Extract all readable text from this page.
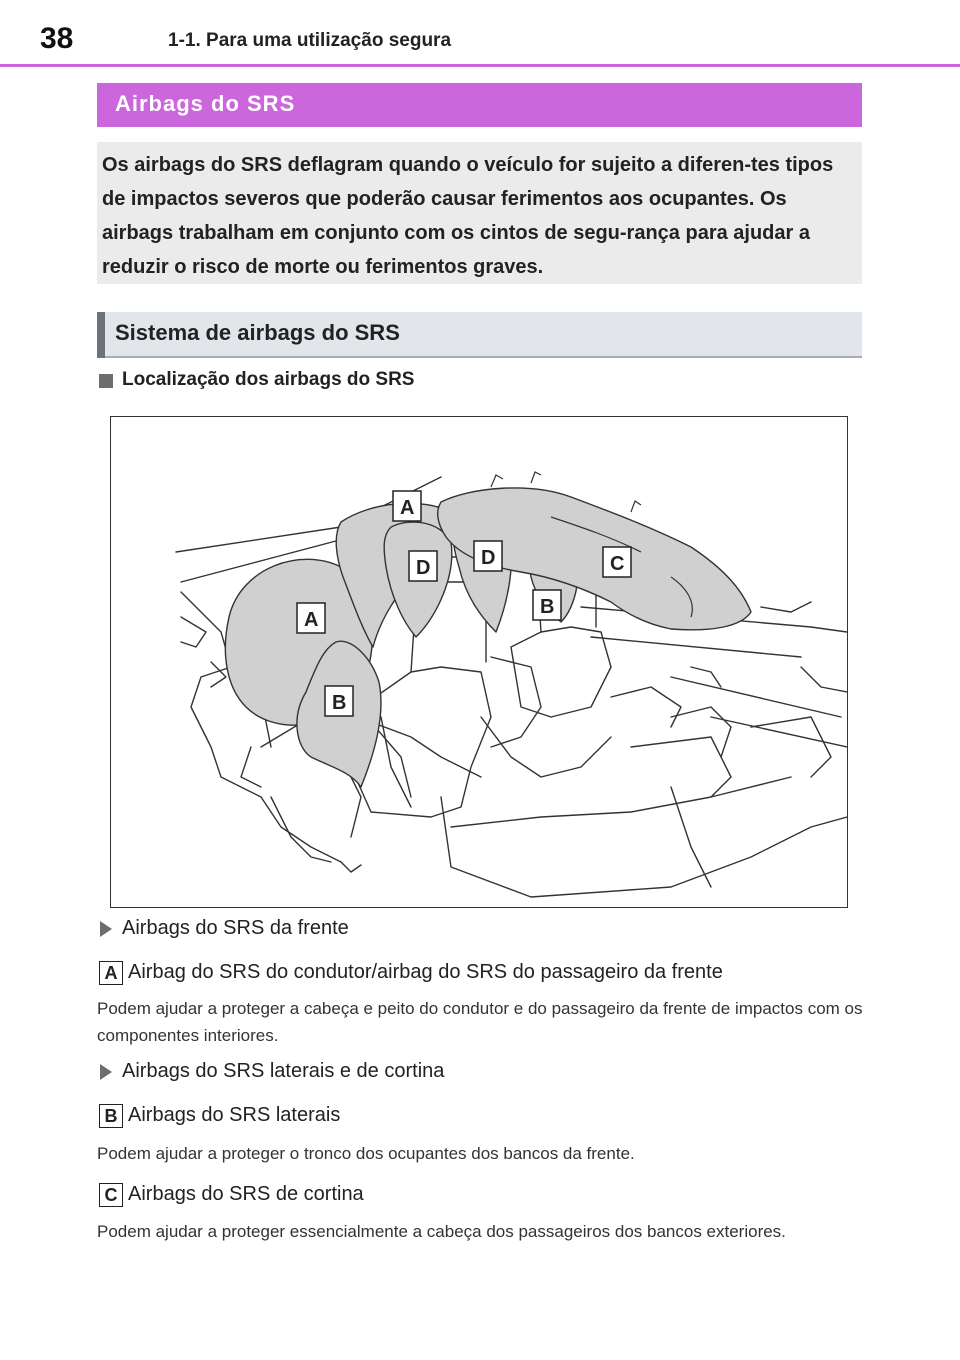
38	1-1. Para uma utilização segura
Airbags do SRS

Os airbags do SRS deflagram quando o veículo for sujeito a diferen-tes tipos de impactos severos que poderão causar ferimentos aos ocupantes. Os airbags trabalham em conjunto com os cintos de segu-rança para ajudar a reduzir o risco de morte ou ferimentos graves.

Sistema de airbags do SRS
Localização dos airbags do SRS
A
A
D	D	C
B
B
Airbags do SRS da frente
A Airbag do SRS do condutor/airbag do SRS do passageiro da frente

Podem ajudar a proteger a cabeça e peito do condutor e do passageiro da frente de impactos com os componentes interiores.

Airbags do SRS laterais e de cortina
B Airbags do SRS laterais

Podem ajudar a proteger o tronco dos ocupantes dos bancos da frente.

C Airbags do SRS de cortina

Podem ajudar a proteger essencialmente a cabeça dos passageiros dos bancos exteriores.
